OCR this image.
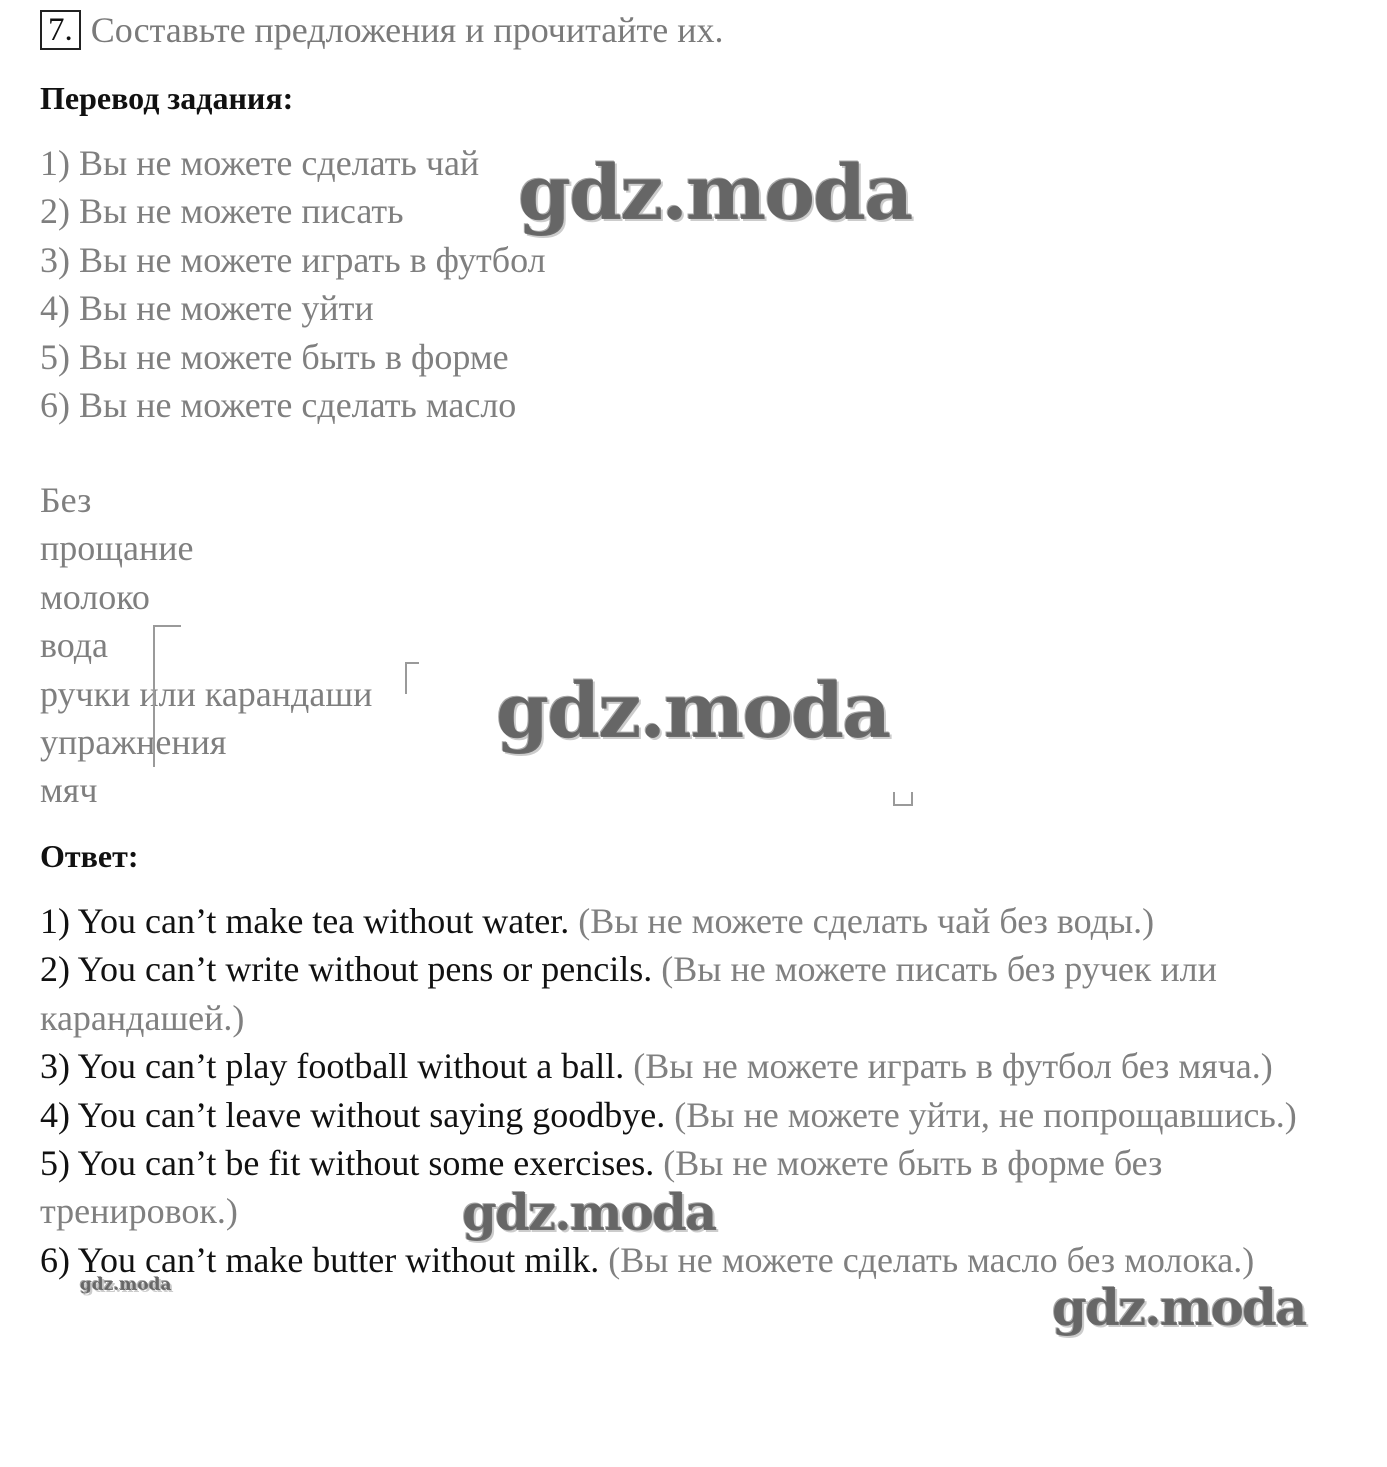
7. Составьте предложения и прочитайте их.
Перевод задания:
1) Вы не можете сделать чай
2) Вы не можете писать
3) Вы не можете играть в футбол
4) Вы не можете уйти
5) Вы не можете быть в форме
6) Вы не можете сделать масло
Без
прощание
молоко
вода
ручки или карандаши
упражнения
мяч
Ответ:
1) You can’t make tea without water. (Вы не можете сделать чай без воды.)
2) You can’t write without pens or pencils. (Вы не можете писать без ручек или карандашей.)
3) You can’t play football without a ball. (Вы не можете играть в футбол без мяча.)
4) You can’t leave without saying goodbye. (Вы не можете уйти, не попрощавшись.)
5) You can’t be fit without some exercises. (Вы не можете быть в форме без тренировок.)
6) You can’t make butter without milk. (Вы не можете сделать масло без молока.)
gdz.moda
gdz.moda
gdz.moda
gdz.moda	gdz.moda
